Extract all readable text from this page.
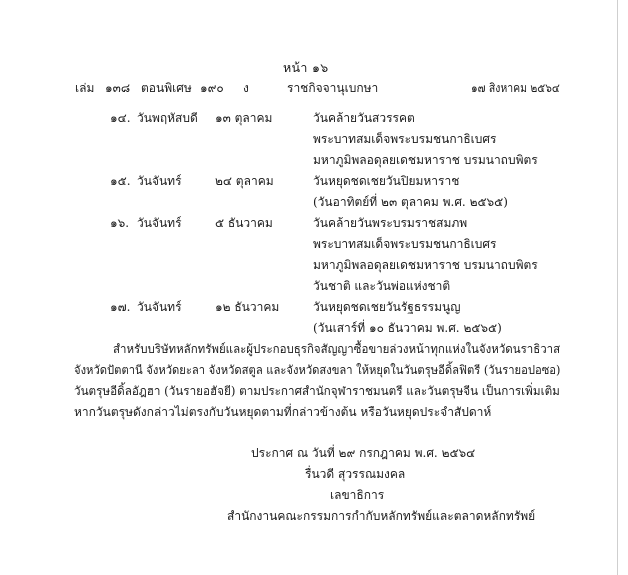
หน้า ๑๖
เล่ม ๑๓๘ ตอนพิเศษ ๑๙๐ ง	ราชกิจจานุเบกษา	๑๗ สิงหาคม ๒๕๖๔
๑๔. วันพฤหัสบดี ๑๓ ตุลาคม	วันคล้ายวันสวรรคต
พระบาทสมเด็จพระบรมชนกาธิเบศร
มหาภูมิพลอดุลยเดชมหาราช บรมนาถบพิตร
๑๕. วันจันทร์	๒๔ ตุลาคม	วันหยุดชดเชยวันปิยมหาราช
(วันอาทิตย์ที่ ๒๓ ตุลาคม พ.ศ. ๒๕๖๕)
๑๖. วันจันทร์	๕ ธันวาคม	วันคล้ายวันพระบรมราชสมภพ
พระบาทสมเด็จพระบรมชนกาธิเบศร
มหาภูมิพลอดุลยเดชมหาราช บรมนาถบพิตร
วันชาติ และวันพ่อแห่งชาติ
๑๗. วันจันทร์	๑๒ ธันวาคม	วันหยุดชดเชยวันรัฐธรรมนูญ
(วันเสาร์ที่ ๑๐ ธันวาคม พ.ศ. ๒๕๖๕)
สำหรับบริษัทหลักทรัพย์และผู้ประกอบธุรกิจสัญญาซื้อขายล่วงหน้าทุกแห่งในจังหวัดนราธิวาส
จังหวัดปัตตานี จังหวัดยะลา จังหวัดสตูล และจังหวัดสงขลา ให้หยุดในวันตรุษอีดิ้ลฟิตรี (วันรายอปอซอ)
วันตรุษอีดิ้ลอัฎฮา (วันรายอฮัจยี) ตามประกาศสำนักจุฬาราชมนตรี และวันตรุษจีน เป็นการเพิ่มเติม
หากวันตรุษดังกล่าวไม่ตรงกับวันหยุดตามที่กล่าวข้างต้น หรือวันหยุดประจำสัปดาห์
ประกาศ ณ วันที่ ๒๙ กรกฎาคม พ.ศ. ๒๕๖๔
รื่นวดี สุวรรณมงคล
เลขาธิการ
สำนักงานคณะกรรมการกำกับหลักทรัพย์และตลาดหลักทรัพย์
